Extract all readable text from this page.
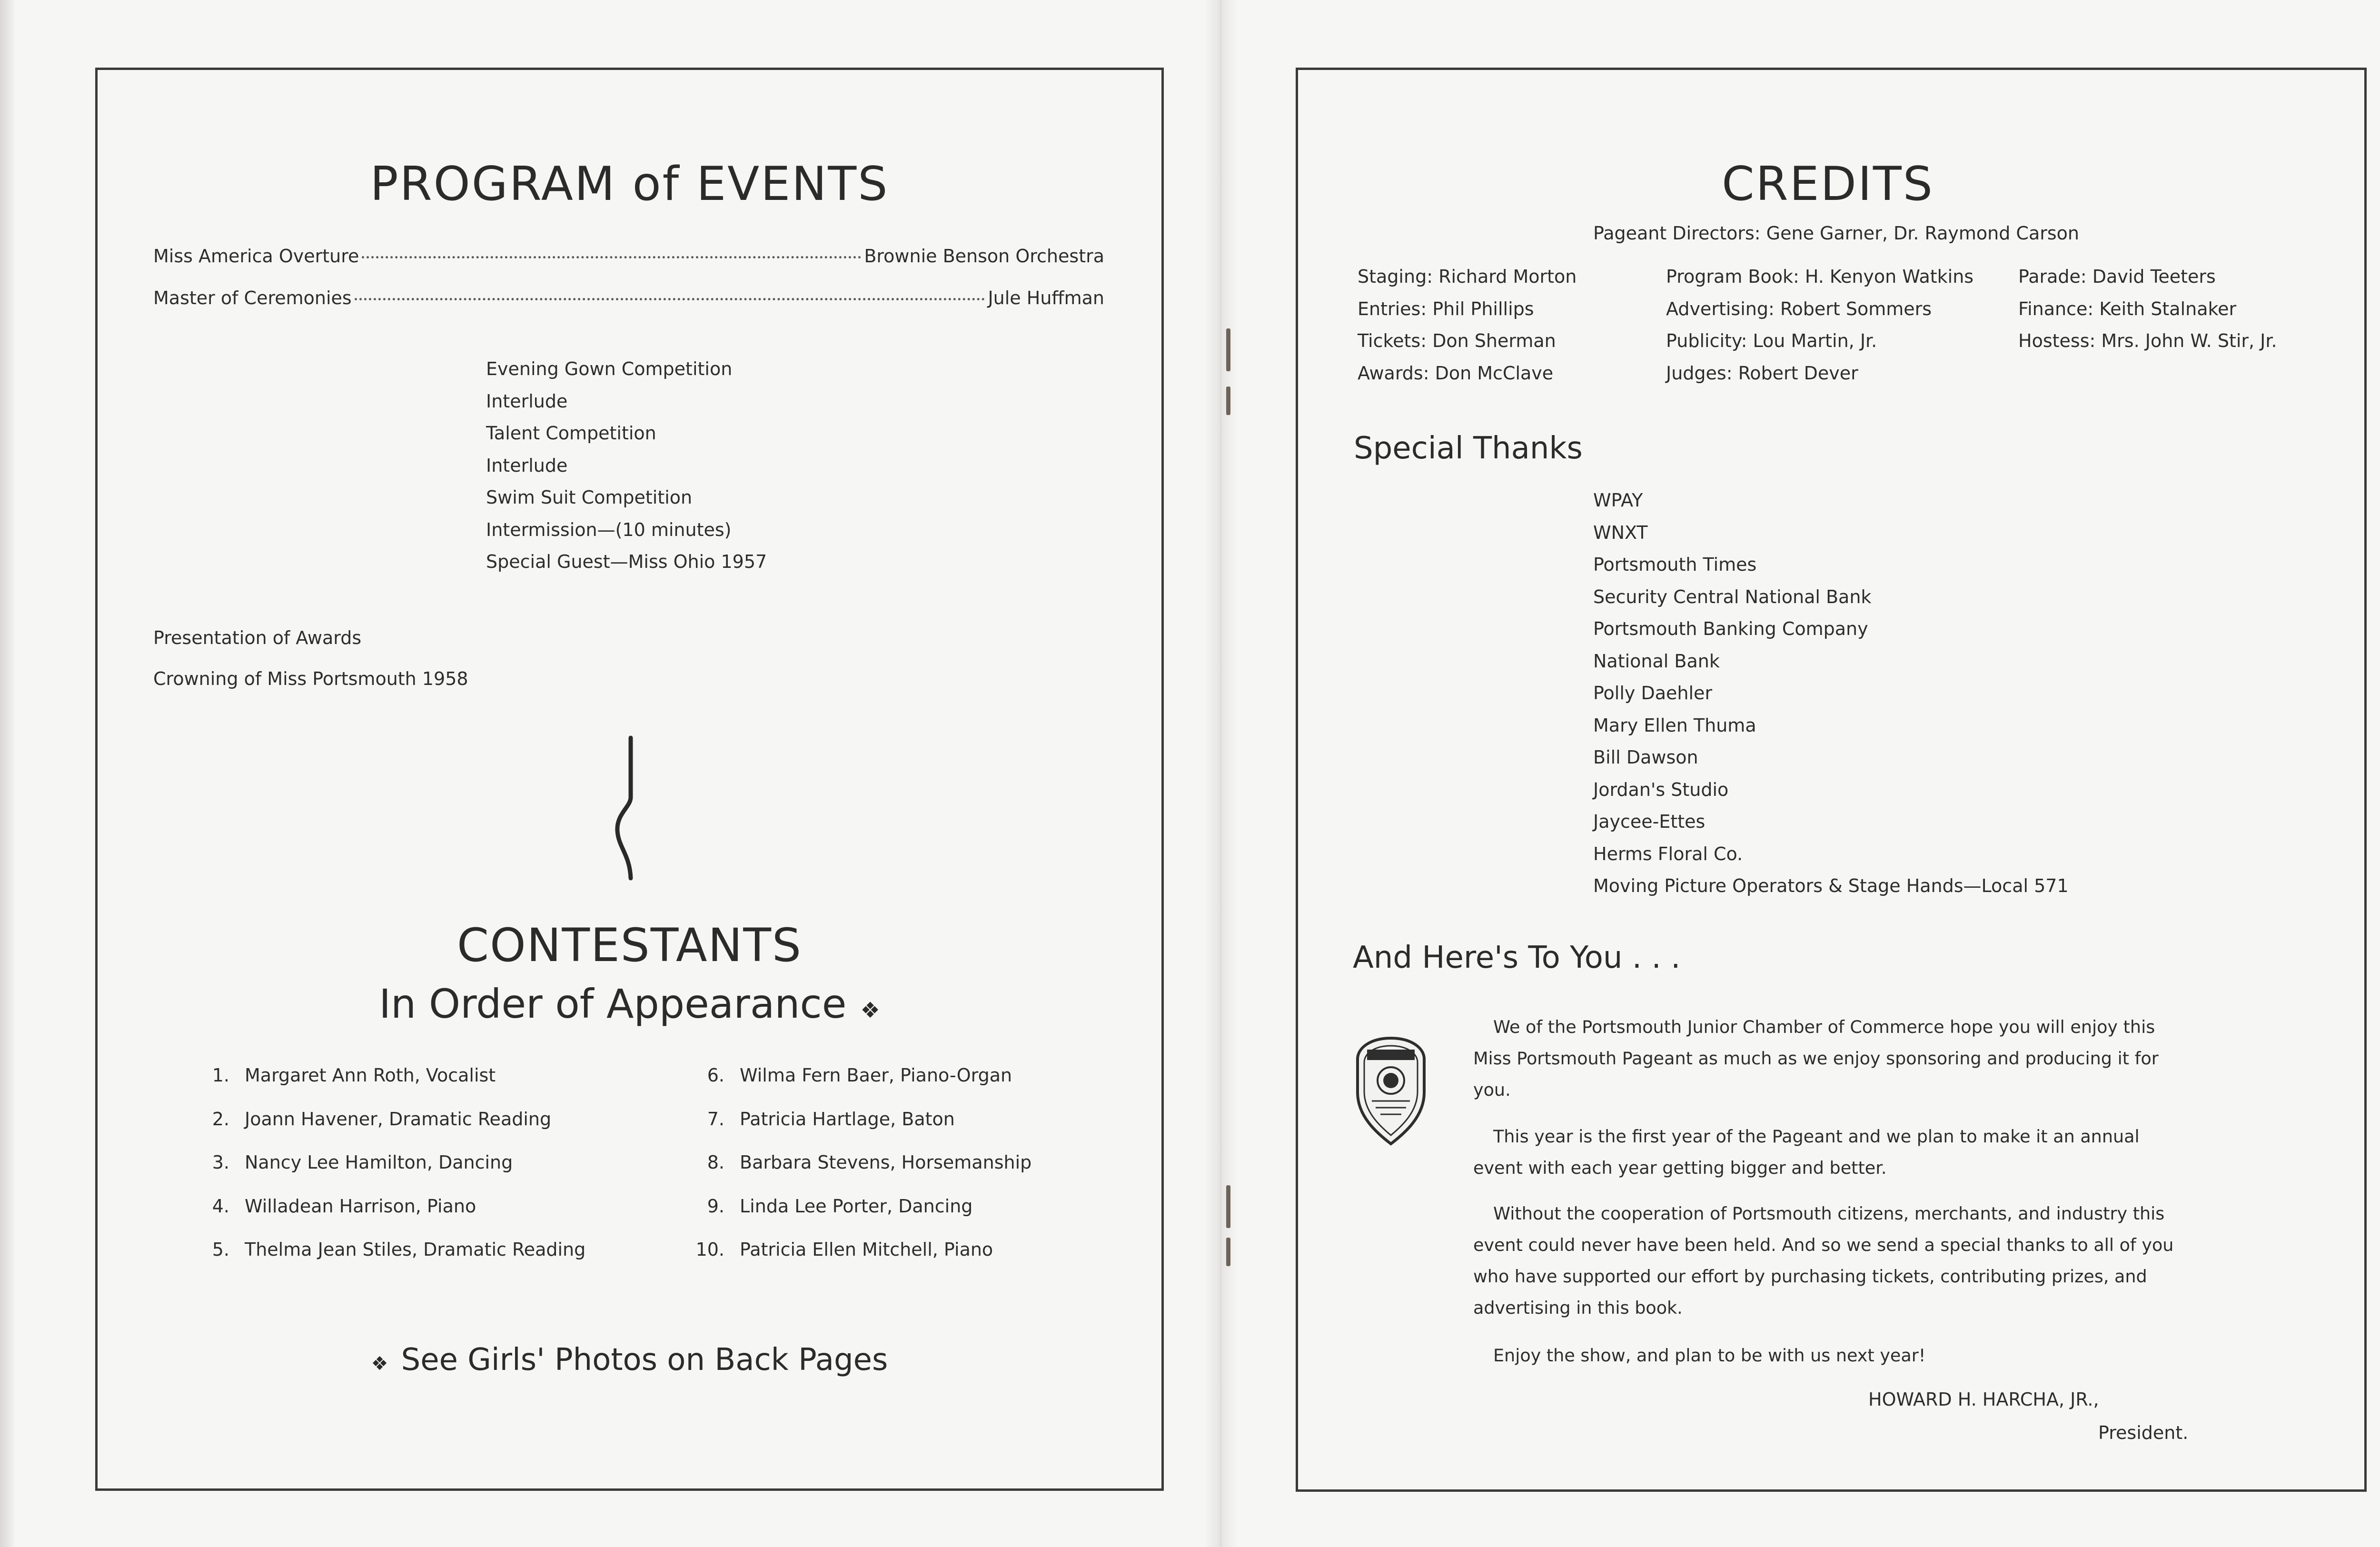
PROGRAM of EVENTS
Miss America Overture	Brownie Benson Orchestra
Master of Ceremonies	Jule Huffman
Evening Gown Competition
Interlude
Talent Competition
Interlude
Swim Suit Competition
Intermission—(10 minutes)
Special Guest—Miss Ohio 1957
Presentation of Awards
Crowning of Miss Portsmouth 1958
CONTESTANTS
In Order of Appearance ❖
1. Margaret Ann Roth, Vocalist
2. Joann Havener, Dramatic Reading
3. Nancy Lee Hamilton, Dancing
4. Willadean Harrison, Piano
5. Thelma Jean Stiles, Dramatic Reading
6. Wilma Fern Baer, Piano-Organ
7. Patricia Hartlage, Baton
8. Barbara Stevens, Horsemanship
9. Linda Lee Porter, Dancing
10. Patricia Ellen Mitchell, Piano
❖ See Girls' Photos on Back Pages
CREDITS
Pageant Directors: Gene Garner, Dr. Raymond Carson
Staging: Richard Morton
Entries: Phil Phillips
Tickets: Don Sherman
Awards: Don McClave
Program Book: H. Kenyon Watkins
Advertising: Robert Sommers
Publicity: Lou Martin, Jr.
Judges: Robert Dever
Parade: David Teeters
Finance: Keith Stalnaker
Hostess: Mrs. John W. Stir, Jr.
Special Thanks
WPAY
WNXT
Portsmouth Times
Security Central National Bank
Portsmouth Banking Company
National Bank
Polly Daehler
Mary Ellen Thuma
Bill Dawson
Jordan's Studio
Jaycee-Ettes
Herms Floral Co.
Moving Picture Operators & Stage Hands—Local 571
And Here's To You . . .

We of the Portsmouth Junior Chamber of Commerce hope you will enjoy this Miss Portsmouth Pageant as much as we enjoy sponsoring and producing it for you.

This year is the first year of the Pageant and we plan to make it an annual event with each year getting bigger and better.

Without the cooperation of Portsmouth citizens, merchants, and industry this event could never have been held. And so we send a special thanks to all of you who have supported our effort by purchasing tickets, contributing prizes, and advertising in this book.

Enjoy the show, and plan to be with us next year!

HOWARD H. HARCHA, JR.,
President.
